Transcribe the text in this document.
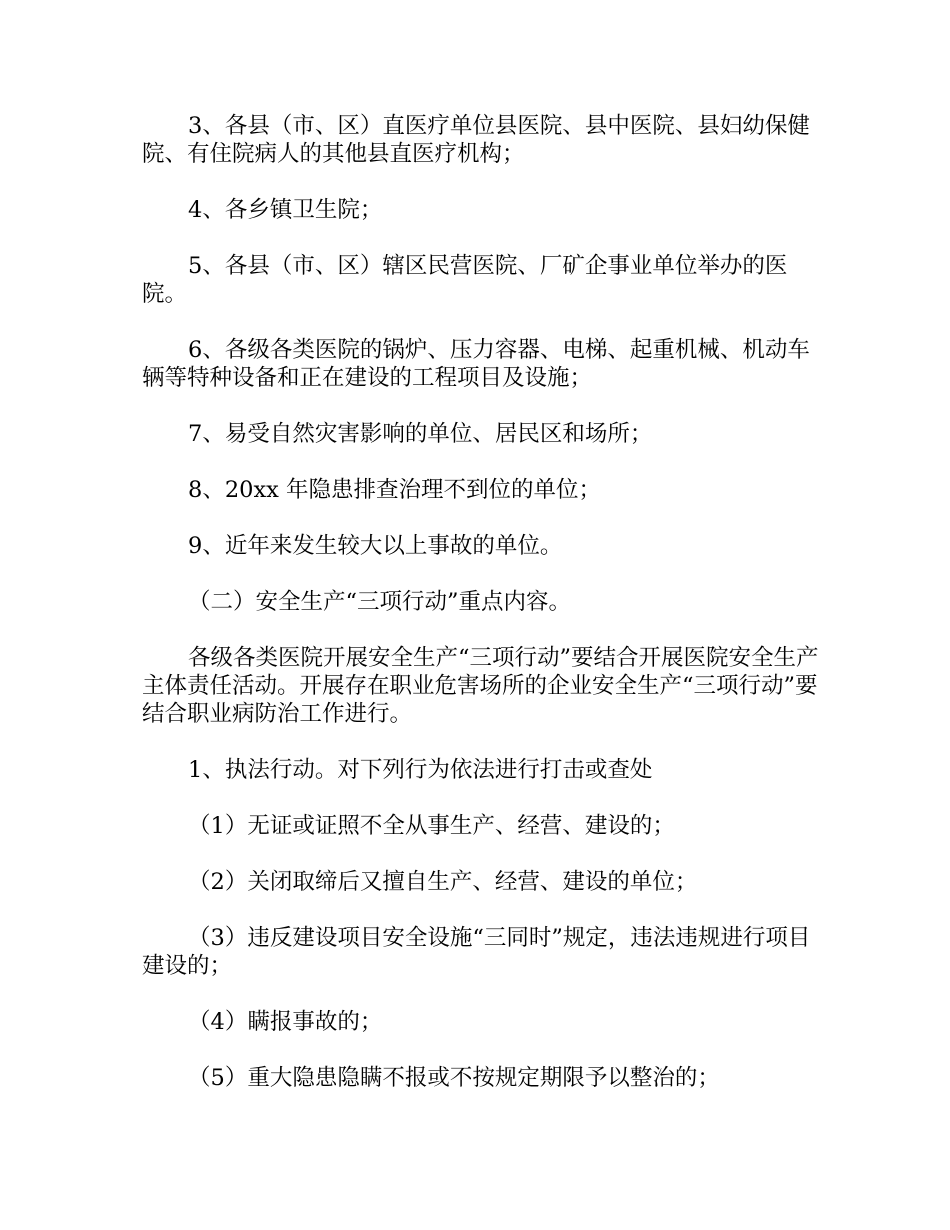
3、各县（市、区）直医疗单位县医院、县中医院、县妇幼保健院、有住院病人的其他县直医疗机构；

4、各乡镇卫生院；

5、各县（市、区）辖区民营医院、厂矿企事业单位举办的医院。

6、各级各类医院的锅炉、压力容器、电梯、起重机械、机动车辆等特种设备和正在建设的工程项目及设施；

7、易受自然灾害影响的单位、居民区和场所；

8、20xx 年隐患排查治理不到位的单位；

9、近年来发生较大以上事故的单位。

（二）安全生产“三项行动”重点内容。

各级各类医院开展安全生产“三项行动”要结合开展医院安全生产主体责任活动。开展存在职业危害场所的企业安全生产“三项行动”要结合职业病防治工作进行。

1、执法行动。对下列行为依法进行打击或查处

（1）无证或证照不全从事生产、经营、建设的；

（2）关闭取缔后又擅自生产、经营、建设的单位；

（3）违反建设项目安全设施“三同时”规定，违法违规进行项目建设的；

（4）瞒报事故的；

（5）重大隐患隐瞒不报或不按规定期限予以整治的；
